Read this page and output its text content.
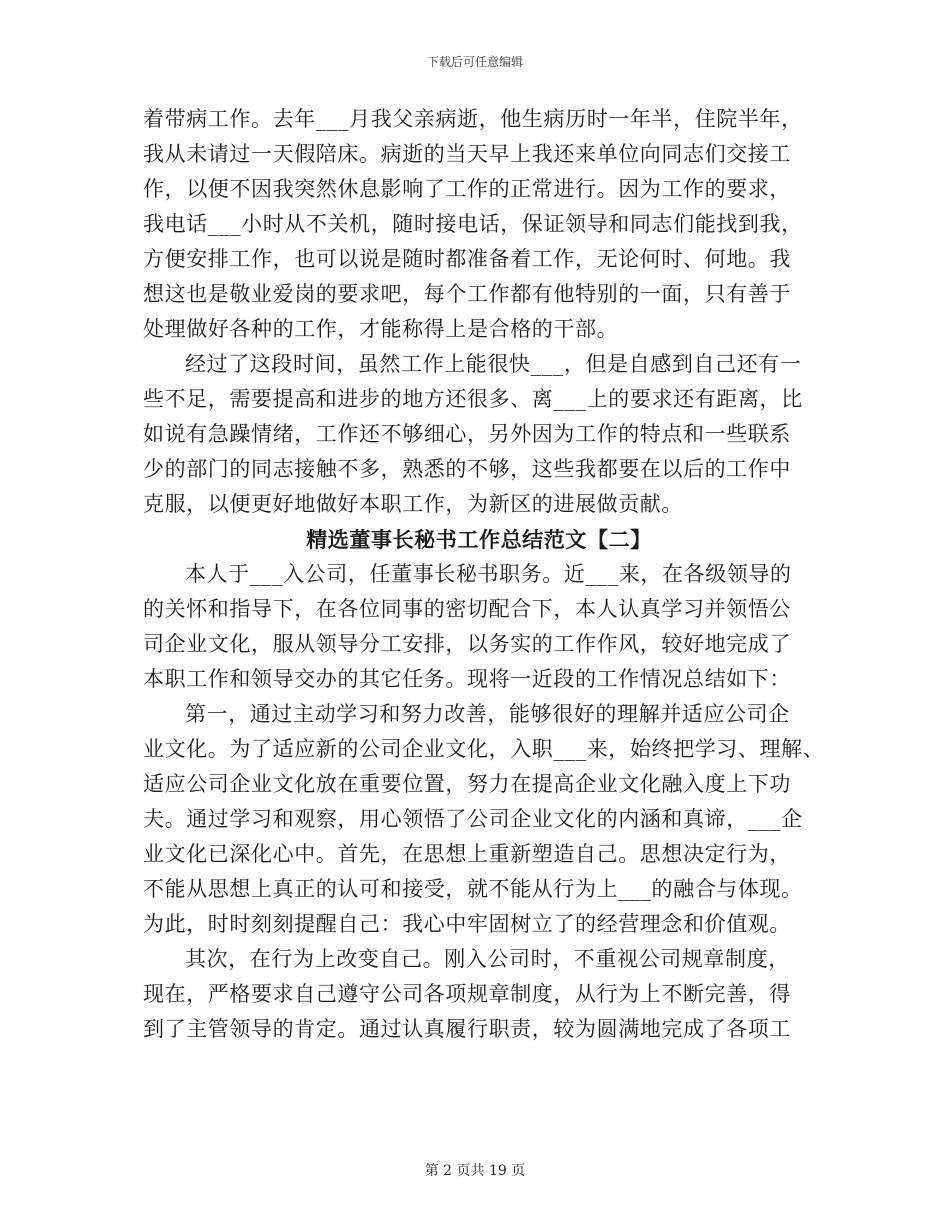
下载后可任意编辑
着带病工作。去年___月我父亲病逝，他生病历时一年半，住院半年，
我从未请过一天假陪床。病逝的当天早上我还来单位向同志们交接工
作，以便不因我突然休息影响了工作的正常进行。因为工作的要求，
我电话___小时从不关机，随时接电话，保证领导和同志们能找到我，
方便安排工作，也可以说是随时都准备着工作，无论何时、何地。我
想这也是敬业爱岗的要求吧，每个工作都有他特别的一面，只有善于
处理做好各种的工作，才能称得上是合格的干部。
经过了这段时间，虽然工作上能很快___，但是自感到自己还有一
些不足，需要提高和进步的地方还很多、离___上的要求还有距离，比
如说有急躁情绪，工作还不够细心，另外因为工作的特点和一些联系
少的部门的同志接触不多，熟悉的不够，这些我都要在以后的工作中
克服，以便更好地做好本职工作，为新区的进展做贡献。
精选董事长秘书工作总结范文【二】
本人于___入公司，任董事长秘书职务。近___来，在各级领导的
的关怀和指导下，在各位同事的密切配合下，本人认真学习并领悟公
司企业文化，服从领导分工安排，以务实的工作作风，较好地完成了
本职工作和领导交办的其它任务。现将一近段的工作情况总结如下：
第一，通过主动学习和努力改善，能够很好的理解并适应公司企
业文化。为了适应新的公司企业文化，入职___来，始终把学习、理解、
适应公司企业文化放在重要位置，努力在提高企业文化融入度上下功
夫。通过学习和观察，用心领悟了公司企业文化的内涵和真谛，___企
业文化已深化心中。首先，在思想上重新塑造自己。思想决定行为，
不能从思想上真正的认可和接受，就不能从行为上___的融合与体现。
为此，时时刻刻提醒自己：我心中牢固树立了的经营理念和价值观。
其次，在行为上改变自己。刚入公司时，不重视公司规章制度，
现在，严格要求自己遵守公司各项规章制度，从行为上不断完善，得
到了主管领导的肯定。通过认真履行职责，较为圆满地完成了各项工
第 2 页共 19 页
